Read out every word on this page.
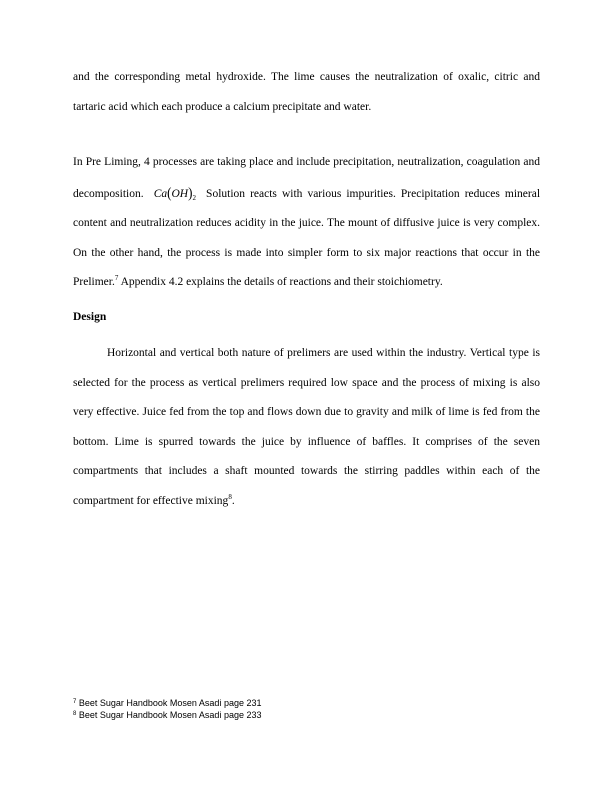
and the corresponding metal hydroxide. The lime causes the neutralization of oxalic, citric and tartaric acid which each produce a calcium precipitate and water.

In Pre Liming, 4 processes are taking place and include precipitation, neutralization, coagulation and decomposition. $Ca(OH)_2$ Solution reacts with various impurities. Precipitation reduces mineral content and neutralization reduces acidity in the juice. The mount of diffusive juice is very complex. On the other hand, the process is made into simpler form to six major reactions that occur in the Prelimer.$^7$ Appendix 4.2 explains the details of reactions and their stoichiometry.

Design

Horizontal and vertical both nature of prelimers are used within the industry. Vertical type is selected for the process as vertical prelimers required low space and the process of mixing is also very effective. Juice fed from the top and flows down due to gravity and milk of lime is fed from the bottom. Lime is spurred towards the juice by influence of baffles. It comprises of the seven compartments that includes a shaft mounted towards the stirring paddles within each of the compartment for effective mixing$^8$.

$^7$ Beet Sugar Handbook Mosen Asadi page 231
$^8$ Beet Sugar Handbook Mosen Asadi page 233
